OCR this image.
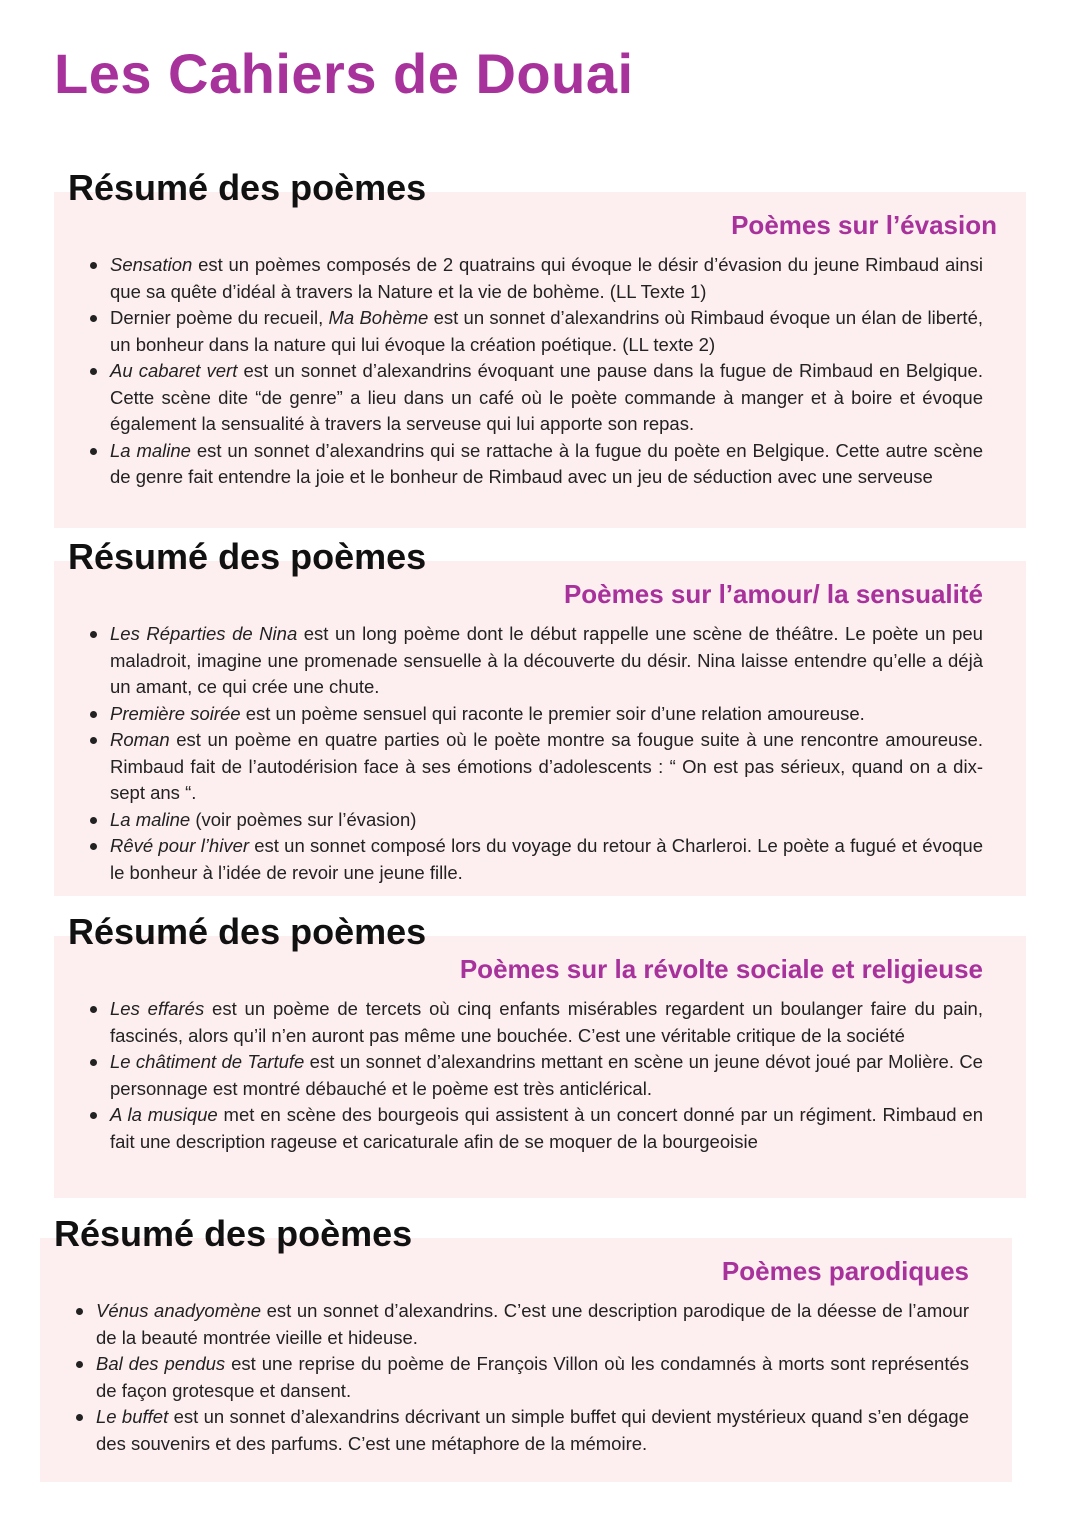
Les Cahiers de Douai
Résumé des poèmes
Poèmes sur l’évasion
Sensation est un poèmes composés de 2 quatrains qui évoque le désir d’évasion du jeune Rimbaud ainsi que sa quête d’idéal à travers la Nature et la vie de bohème. (LL Texte 1)
Dernier poème du recueil, Ma Bohème est un sonnet d’alexandrins où Rimbaud évoque un élan de liberté, un bonheur dans la nature qui lui évoque la création poétique. (LL texte 2)
Au cabaret vert est un sonnet d’alexandrins évoquant une pause dans la fugue de Rimbaud en Belgique. Cette scène dite “de genre” a lieu dans un café où le poète commande à manger et à boire et évoque également la sensualité à travers la serveuse qui lui apporte son repas.
La maline est un sonnet d’alexandrins qui se rattache à la fugue du poète en Belgique. Cette autre scène de genre fait entendre la joie et le bonheur de Rimbaud avec un jeu de séduction avec une serveuse
Résumé des poèmes
Poèmes sur l’amour/ la sensualité
Les Réparties de Nina est un long poème dont le début rappelle une scène de théâtre. Le poète un peu maladroit, imagine une promenade sensuelle à la découverte du désir. Nina laisse entendre qu’elle a déjà un amant, ce qui crée une chute.
Première soirée est un poème sensuel qui raconte le premier soir d’une relation amoureuse.
Roman est un poème en quatre parties où le poète montre sa fougue suite à une rencontre amoureuse. Rimbaud fait de l’autodérision face à ses émotions d’adolescents : “ On est pas sérieux, quand on a dix-sept ans “.
La maline (voir poèmes sur l’évasion)
Rêvé pour l’hiver est un sonnet composé lors du voyage du retour à Charleroi. Le poète a fugué et évoque le bonheur à l’idée de revoir une jeune fille.
Résumé des poèmes
Poèmes sur la révolte sociale et religieuse
Les effarés est un poème de tercets où cinq enfants misérables regardent un boulanger faire du pain, fascinés, alors qu’il n’en auront pas même une bouchée. C’est une véritable critique de la société
Le châtiment de Tartufe est un sonnet d’alexandrins mettant en scène un jeune dévot joué par Molière. Ce personnage est montré débauché et le poème est très anticlérical.
A la musique met en scène des bourgeois qui assistent à un concert donné par un régiment. Rimbaud en fait une description rageuse et caricaturale afin de se moquer de la bourgeoisie
Résumé des poèmes
Poèmes parodiques
Vénus anadyomène est un sonnet d’alexandrins. C’est une description parodique de la déesse de l’amour de la beauté montrée vieille et hideuse.
Bal des pendus est une reprise du poème de François Villon où les condamnés à morts sont représentés de façon grotesque et dansent.
Le buffet est un sonnet d’alexandrins décrivant un simple buffet qui devient mystérieux quand s’en dégage des souvenirs et des parfums. C’est une métaphore de la mémoire.
